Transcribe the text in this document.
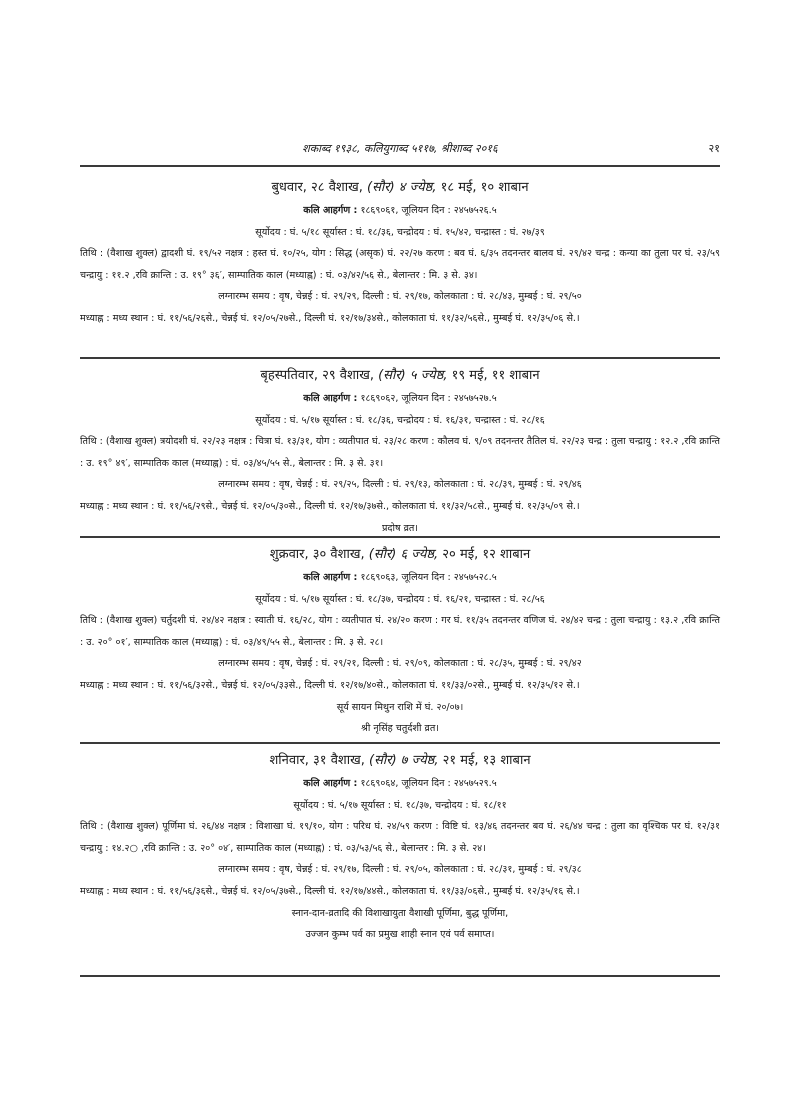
शकाब्द १९३८, कलियुगाब्द ५११७, श्रीशाब्द २०१६	२१
बुधवार, २८ वैशाख, (सौर) ४ ज्येष्ठ, १८ मई, १० शाबान
कलि आहर्गण : १८६९०६१, जूलियन दिन : २४५७५२६.५
सूर्योदय : घं. ५/१८ सूर्यास्त : घं. १८/३६, चन्द्रोदय : घं. १५/४२, चन्द्रास्त : घं. २७/३९
तिथि : (वैशाख शुक्ल) द्वादशी घं. १९/५२ नक्षत्र : हस्त घं. १०/२५, योग : सिद्ध (असृक) घं. २२/२७ करण : बव घं. ६/३५ तदनन्तर बालव घं. २९/४२ चन्द्र : कन्या का तुला पर घं. २३/५९ चन्द्रायु : ११.२ ,रवि क्रान्ति : उ. १९° ३६′, साम्पातिक काल (मध्याह्न) : घं. ०३/४२/५६ से., बेलान्तर : मि. ३ से. ३४।
लग्नारम्भ समय : वृष, चेन्नई : घं. २९/२९, दिल्ली : घं. २९/१७, कोलकाता : घं. २८/४३, मुम्बई : घं. २९/५०
मध्याह्न : मध्य स्थान : घं. ११/५६/२६से., चेन्नई घं. १२/०५/२७से., दिल्ली घं. १२/१७/३४से., कोलकाता घं. ११/३२/५६से., मुम्बई घं. १२/३५/०६ से.।
बृहस्पतिवार, २९ वैशाख, (सौर) ५ ज्येष्ठ, १९ मई, ११ शाबान
कलि आहर्गण : १८६९०६२, जूलियन दिन : २४५७५२७.५
सूर्योदय : घं. ५/१७ सूर्यास्त : घं. १८/३६, चन्द्रोदय : घं. १६/३१, चन्द्रास्त : घं. २८/१६
तिथि : (वैशाख शुक्ल) त्रयोदशी घं. २२/२३ नक्षत्र : चित्रा घं. १३/३१, योग : व्यतीपात घं. २३/२८ करण : कौलव घं. ९/०९ तदनन्तर तैतिल घं. २२/२३ चन्द्र : तुला चन्द्रायु : १२.२ ,रवि क्रान्ति : उ. १९° ४९′, साम्पातिक काल (मध्याह्न) : घं. ०३/४५/५५ से., बेलान्तर : मि. ३ से. ३१।
लग्नारम्भ समय : वृष, चेन्नई : घं. २९/२५, दिल्ली : घं. २९/१३, कोलकाता : घं. २८/३९, मुम्बई : घं. २९/४६
मध्याह्न : मध्य स्थान : घं. ११/५६/२९से., चेन्नई घं. १२/०५/३०से., दिल्ली घं. १२/१७/३७से., कोलकाता घं. ११/३२/५८से., मुम्बई घं. १२/३५/०९ से.।
प्रदोष व्रत।
शुक्रवार, ३० वैशाख, (सौर) ६ ज्येष्ठ, २० मई, १२ शाबान
कलि आहर्गण : १८६९०६३, जूलियन दिन : २४५७५२८.५
सूर्योदय : घं. ५/१७ सूर्यास्त : घं. १८/३७, चन्द्रोदय : घं. १६/२१, चन्द्रास्त : घं. २८/५६
तिथि : (वैशाख शुक्ल) चर्तुदशी घं. २४/४२ नक्षत्र : स्वाती घं. १६/२८, योग : व्यतीपात घं. २४/२० करण : गर घं. ११/३५ तदनन्तर वणिज घं. २४/४२ चन्द्र : तुला चन्द्रायु : १३.२ ,रवि क्रान्ति : उ. २०° ०१′, साम्पातिक काल (मध्याह्न) : घं. ०३/४९/५५ से., बेलान्तर : मि. ३ से. २८।
लग्नारम्भ समय : वृष, चेन्नई : घं. २९/२१, दिल्ली : घं. २९/०९, कोलकाता : घं. २८/३५, मुम्बई : घं. २९/४२
मध्याह्न : मध्य स्थान : घं. ११/५६/३२से., चेन्नई घं. १२/०५/३३से., दिल्ली घं. १२/१७/४०से., कोलकाता घं. ११/३३/०२से., मुम्बई घं. १२/३५/१२ से.।
सूर्य सायन मिथुन राशि में घं. २०/०७।
श्री नृसिंह चतुर्दशी व्रत।
शनिवार, ३१ वैशाख, (सौर) ७ ज्येष्ठ, २१ मई, १३ शाबान
कलि आहर्गण : १८६९०६४, जूलियन दिन : २४५७५२९.५
सूर्योदय : घं. ५/१७ सूर्यास्त : घं. १८/३७, चन्द्रोदय : घं. १८/११
तिथि : (वैशाख शुक्ल) पूर्णिमा घं. २६/४४ नक्षत्र : विशाखा घं. १९/१०, योग : परिध घं. २४/५९ करण : विष्टि घं. १३/४६ तदनन्तर बव घं. २६/४४ चन्द्र : तुला का वृश्चिक पर घं. १२/३१ चन्द्रायु : १४.२○ ,रवि क्रान्ति : उ. २०° ०४′, साम्पातिक काल (मध्याह्न) : घं. ०३/५३/५६ से., बेलान्तर : मि. ३ से. २४।
लग्नारम्भ समय : वृष, चेन्नई : घं. २९/१७, दिल्ली : घं. २९/०५, कोलकाता : घं. २८/३१, मुम्बई : घं. २९/३८
मध्याह्न : मध्य स्थान : घं. ११/५६/३६से., चेन्नई घं. १२/०५/३७से., दिल्ली घं. १२/१७/४४से., कोलकाता घं. ११/३३/०६से., मुम्बई घं. १२/३५/१६ से.।
स्नान-दान-व्रतादि की विशाखायुता वैशाखी पूर्णिमा, बुद्ध पूर्णिमा,
उज्जन कुम्भ पर्व का प्रमुख शाही स्नान एवं पर्व समाप्त।
